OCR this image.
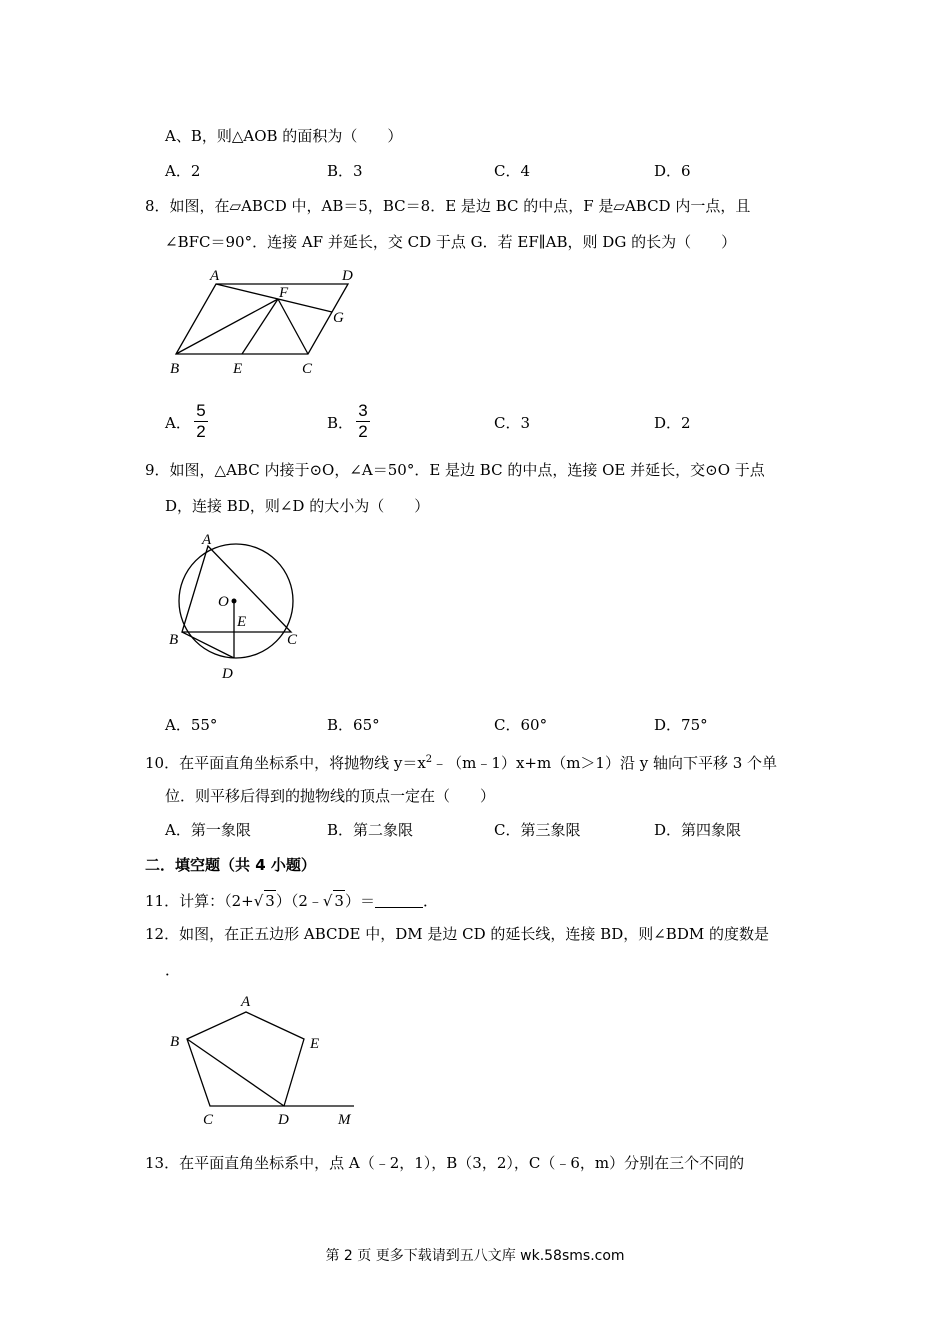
A、B，则△AOB 的面积为（　　）
A．2	B．3	C．4	D．6
8．如图，在▱ABCD 中，AB＝5，BC＝8．E 是边 BC 的中点，F 是▱ABCD 内一点，且
∠BFC＝90°．连接 AF 并延长，交 CD 于点 G．若 EF∥AB，则 DG 的长为（　　）
A	D
F
G
B	E	C
A．
5
2	B．
3
2	C．3	D．2
9．如图，△ABC 内接于⊙O，∠A＝50°．E 是边 BC 的中点，连接 OE 并延长，交⊙O 于点
D，连接 BD，则∠D 的大小为（　　）
A
O
E
B	C
D
A．55°	B．65°	C．60°	D．75°
10．在平面直角坐标系中，将抛物线 $y=x^2﹣(m﹣1)x+m(m>1)$沿 y 轴向下平移 3 个单
位．则平移后得到的抛物线的顶点一定在（　　）
A．第一象限	B．第二象限	C．第三象限	D．第四象限
二．填空题（共 4 小题）
11．计算：（2+√ 3）（2﹣√ 3）＝	．
12．如图，在正五边形 ABCDE 中，DM 是边 CD 的延长线，连接 BD，则∠BDM 的度数是
．
A
B	E
C	D	M
13．在平面直角坐标系中，点 A（﹣2，1），B（3，2），C（﹣6，m）分别在三个不同的
第 2 页 更多下载请到五八文库 wk.58sms.com
